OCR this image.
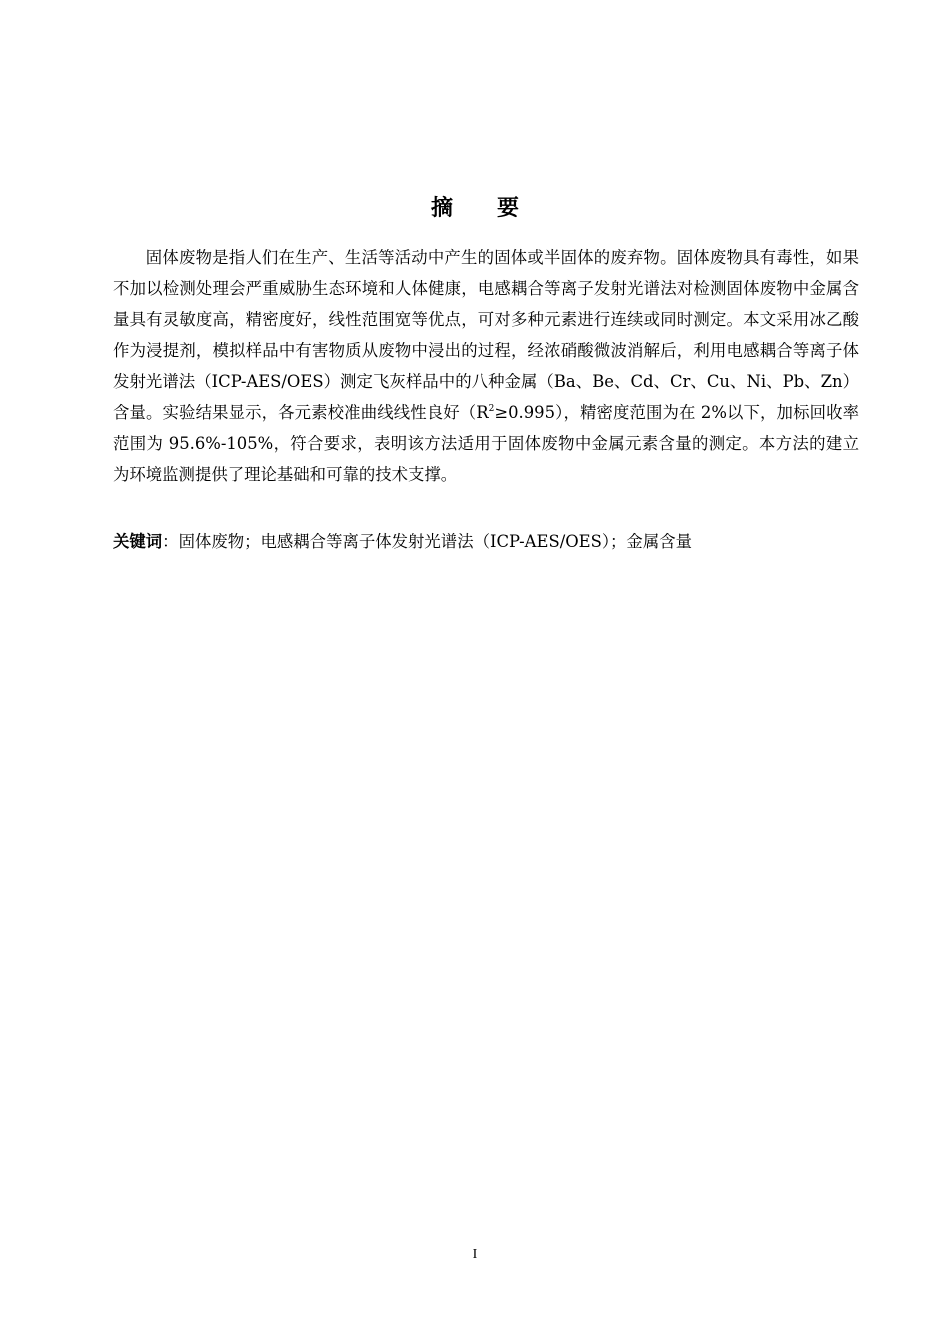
摘 要

固体废物是指人们在生产、生活等活动中产生的固体或半固体的废弃物。固体废物具有毒性，如果不加以检测处理会严重威胁生态环境和人体健康，电感耦合等离子发射光谱法对检测固体废物中金属含量具有灵敏度高，精密度好，线性范围宽等优点，可对多种元素进行连续或同时测定。本文采用冰乙酸作为浸提剂，模拟样品中有害物质从废物中浸出的过程，经浓硝酸微波消解后，利用电感耦合等离子体发射光谱法（ICP-AES/OES）测定飞灰样品中的八种金属（Ba、Be、Cd、Cr、Cu、Ni、Pb、Zn）含量。实验结果显示，各元素校准曲线线性良好$(R^2\ge 0.995)$，精密度范围为在 2%以下，加标回收率范围为 95.6%-105%，符合要求，表明该方法适用于固体废物中金属元素含量的测定。本方法的建立为环境监测提供了理论基础和可靠的技术支撑。

关键词：固体废物；电感耦合等离子体发射光谱法（ICP-AES/OES）；金属含量

I
